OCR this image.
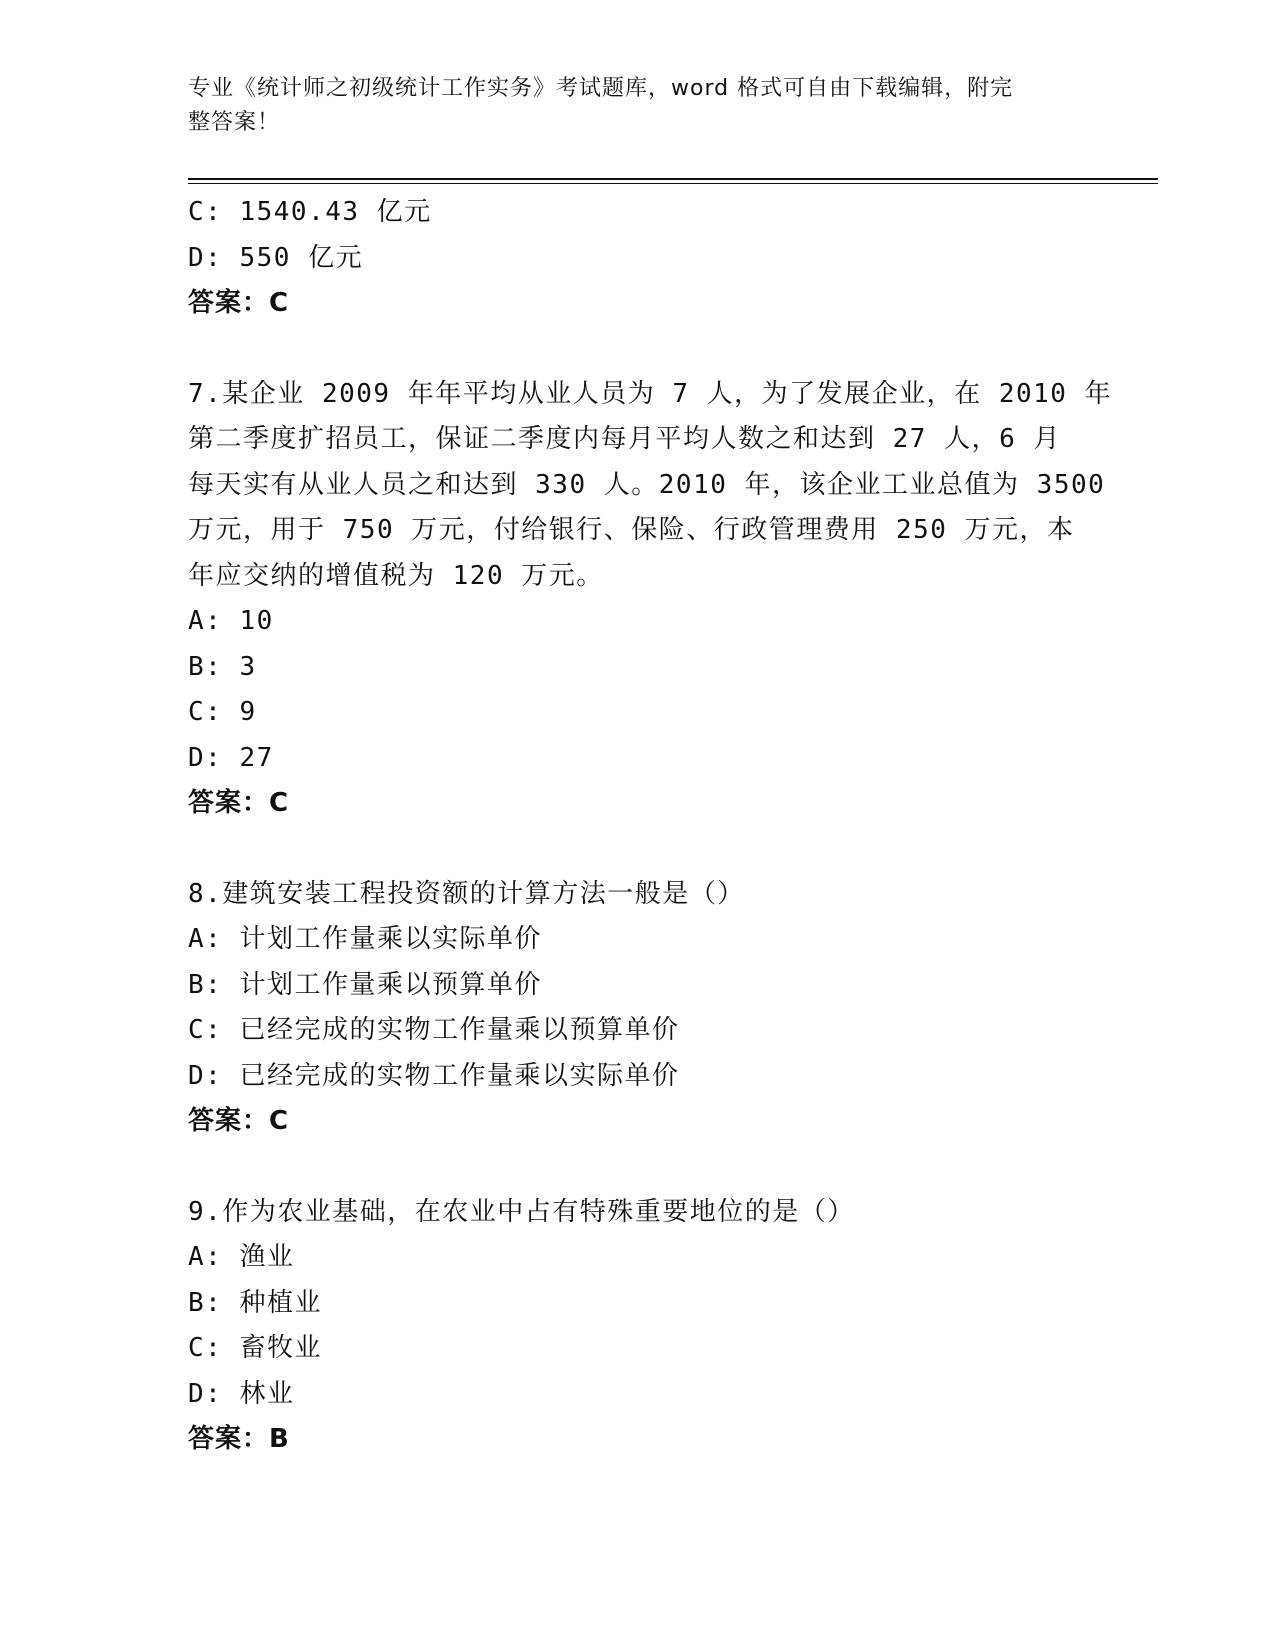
专业《统计师之初级统计工作实务》考试题库，word 格式可自由下载编辑，附完
整答案！
C: 1540.43 亿元
D: 550 亿元
答案：C
7.某企业 2009 年年平均从业人员为 7 人，为了发展企业，在 2010 年
第二季度扩招员工，保证二季度内每月平均人数之和达到 27 人，6 月
每天实有从业人员之和达到 330 人。2010 年，该企业工业总值为 3500
万元，用于 750 万元，付给银行、保险、行政管理费用 250 万元，本
年应交纳的增值税为 120 万元。
A: 10
B: 3
C: 9
D: 27
答案：C
8.建筑安装工程投资额的计算方法一般是（）
A: 计划工作量乘以实际单价
B: 计划工作量乘以预算单价
C: 已经完成的实物工作量乘以预算单价
D: 已经完成的实物工作量乘以实际单价
答案：C
9.作为农业基础，在农业中占有特殊重要地位的是（）
A: 渔业
B: 种植业
C: 畜牧业
D: 林业
答案：B
